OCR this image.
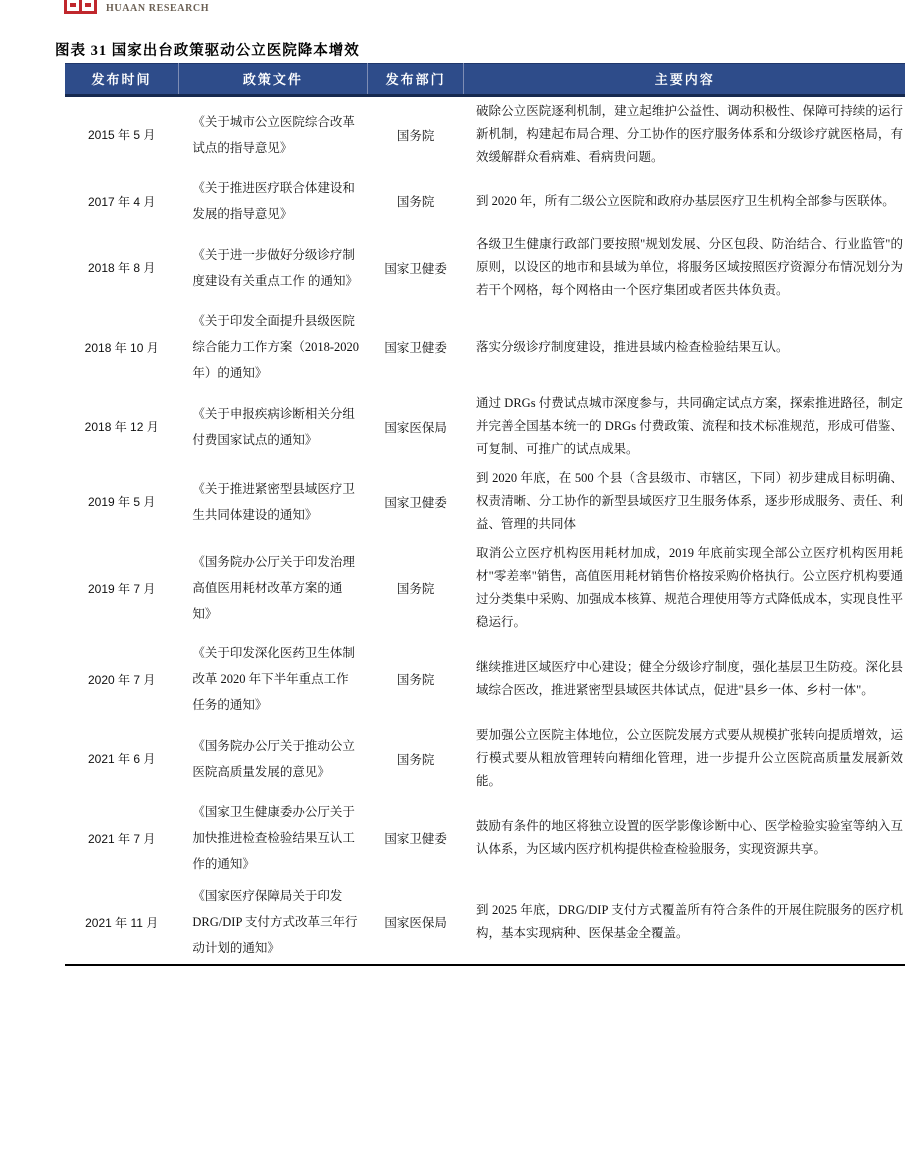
HUAAN RESEARCH
图表 31 国家出台政策驱动公立医院降本增效
发布时间	政策文件	发布部门	主要内容
2015 年 5 月	《关于城市公立医院综合改革试点的指导意见》	国务院	破除公立医院逐利机制，建立起维护公益性、调动积极性、保障可持续的运行新机制，构建起布局合理、分工协作的医疗服务体系和分级诊疗就医格局，有效缓解群众看病难、看病贵问题。
2017 年 4 月	《关于推进医疗联合体建设和发展的指导意见》	国务院	到 2020 年，所有二级公立医院和政府办基层医疗卫生机构全部参与医联体。
2018 年 8 月	《关于进一步做好分级诊疗制度建设有关重点工作 的通知》	国家卫健委	各级卫生健康行政部门要按照"规划发展、分区包段、防治结合、行业监管"的原则，以设区的地市和县域为单位，将服务区域按照医疗资源分布情况划分为若干个网格，每个网格由一个医疗集团或者医共体负责。
2018 年 10 月	《关于印发全面提升县级医院综合能力工作方案（2018-2020 年）的通知》	国家卫健委	落实分级诊疗制度建设，推进县域内检查检验结果互认。
2018 年 12 月	《关于申报疾病诊断相关分组付费国家试点的通知》	国家医保局	通过 DRGs 付费试点城市深度参与，共同确定试点方案，探索推进路径，制定并完善全国基本统一的 DRGs 付费政策、流程和技术标准规范，形成可借鉴、可复制、可推广的试点成果。
2019 年 5 月	《关于推进紧密型县域医疗卫生共同体建设的通知》	国家卫健委	到 2020 年底，在 500 个县（含县级市、市辖区，下同）初步建成目标明确、权责清晰、分工协作的新型县域医疗卫生服务体系，逐步形成服务、责任、利益、管理的共同体
2019 年 7 月	《国务院办公厅关于印发治理高值医用耗材改革方案的通知》	国务院	取消公立医疗机构医用耗材加成，2019 年底前实现全部公立医疗机构医用耗材"零差率"销售，高值医用耗材销售价格按采购价格执行。公立医疗机构要通过分类集中采购、加强成本核算、规范合理使用等方式降低成本，实现良性平稳运行。
2020 年 7 月	《关于印发深化医药卫生体制改革 2020 年下半年重点工作任务的通知》	国务院	继续推进区域医疗中心建设；健全分级诊疗制度，强化基层卫生防疫。深化县域综合医改，推进紧密型县域医共体试点，促进"县乡一体、乡村一体"。
2021 年 6 月	《国务院办公厅关于推动公立医院高质量发展的意见》	国务院	要加强公立医院主体地位，公立医院发展方式要从规模扩张转向提质增效，运行模式要从粗放管理转向精细化管理，进一步提升公立医院高质量发展新效能。
2021 年 7 月	《国家卫生健康委办公厅关于加快推进检查检验结果互认工作的通知》	国家卫健委	鼓励有条件的地区将独立设置的医学影像诊断中心、医学检验实验室等纳入互认体系，为区域内医疗机构提供检查检验服务，实现资源共享。
2021 年 11 月	《国家医疗保障局关于印发 DRG/DIP 支付方式改革三年行动计划的通知》	国家医保局	到 2025 年底，DRG/DIP 支付方式覆盖所有符合条件的开展住院服务的医疗机构，基本实现病种、医保基金全覆盖。
